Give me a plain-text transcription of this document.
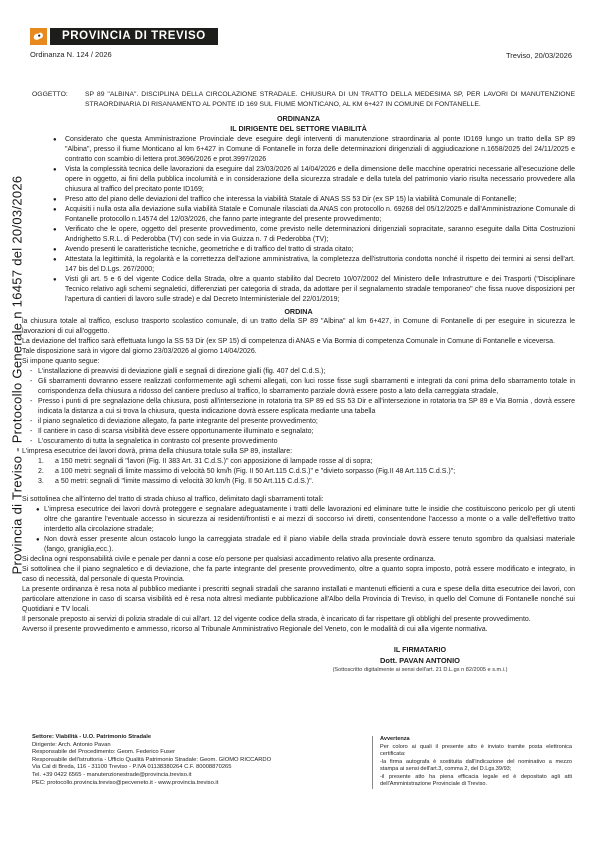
Provincia di Treviso - Protocollo Generale n 16457 del 20/03/2026
PROVINCIA DI TREVISO
Ordinanza N. 124 / 2026	Treviso, 20/03/2026
OGGETTO:	SP 89 "ALBINA". DISCIPLINA DELLA CIRCOLAZIONE STRADALE. CHIUSURA DI UN TRATTO DELLA MEDESIMA SP, PER LAVORI DI MANUTENZIONE STRAORDINARIA DI RISANAMENTO AL PONTE ID 169 SUL FIUME MONTICANO, AL KM 6+427 IN COMUNE DI FONTANELLE.
ORDINANZA
IL DIRIGENTE DEL SETTORE VIABILITÀ
●	Considerato che questa Amministrazione Provinciale deve eseguire degli interventi di manutenzione straordinaria al ponte ID169 lungo un tratto della SP 89 "Albina", presso il fiume Monticano al km 6+427 in Comune di Fontanelle in forza delle determinazioni dirigenziali di aggiudicazione n.1658/2025 del 24/11/2025 e contratto con scambio di lettera prot.3696/2026 e prot.3997/2026
●	Vista la complessità tecnica delle lavorazioni da eseguire dal 23/03/2026 al 14/04/2026 e della dimensione delle macchine operatrici necessarie all'esecuzione delle opere in oggetto, ai fini della pubblica incolumità e in considerazione della sicurezza stradale e della tutela del patrimonio viario risulta necessario provvedere alla chiusura al traffico del precitato ponte ID169;
●	Preso atto del piano delle deviazioni del traffico che interessa la viabilità Statale di ANAS SS 53 Dir (ex SP 15) la viabilità Comunale di Fontanelle;
●	Acquisiti i nulla osta alla deviazione sulla viabilità Statale e Comunale rilasciati da ANAS con protocollo n. 69268 del 05/12/2025 e dall'Amministrazione Comunale di Fontanelle protocollo n.14574 del 12/03/2026, che fanno parte integrante del presente provvedimento;
●	Verificato che le opere, oggetto del presente provvedimento, come previsto nelle determinazioni dirigenziali sopracitate, saranno eseguite dalla Ditta Costruzioni Andrighetto S.R.L. di Pederobba (TV) con sede in via Guizza n. 7 di Pederobba (TV);
●	Avendo presenti le caratteristiche tecniche, geometriche e di traffico del tratto di strada citato;
●	Attestata la legittimità, la regolarità e la correttezza dell'azione amministrativa, la completezza dell'istruttoria condotta nonché il rispetto dei termini ai sensi dell'art. 147 bis del D.Lgs. 267/2000;
●	Visti gli art. 5 e 6 del vigente Codice della Strada, oltre a quanto stabilito dal Decreto 10/07/2002 del Ministero delle Infrastrutture e dei Trasporti ("Disciplinare Tecnico relativo agli schemi segnaletici, differenziati per categoria di strada, da adottare per il segnalamento stradale temporaneo" che fissa nuove disposizioni per l'apertura di cantieri di lavoro sulle strade) e dal Decreto Interministeriale del 22/01/2019;
ORDINA
la chiusura totale al traffico, escluso trasporto scolastico comunale, di un tratto della SP 89 "Albina" al km 6+427, in Comune di Fontanelle di per eseguire in sicurezza le lavorazioni di cui all'oggetto.
La deviazione del traffico sarà effettuata lungo la SS 53 Dir (ex SP 15) di competenza di ANAS e Via Bormia di competenza Comunale in Comune di Fontanelle e viceversa.
Tale disposizione sarà in vigore dal giorno 23/03/2026 al giorno 14/04/2026.
Si impone quanto segue:
- L'installazione di preavvisi di deviazione gialli e segnali di direzione gialli (fig. 407 del C.d.S.);
- Gli sbarramenti dovranno essere realizzati conformemente agli schemi allegati, con luci rosse fisse sugli sbarramenti e integrati da coni prima dello sbarramento totale in corrispondenza della chiusura a ridosso del cantiere precluso al traffico, lo sbarramento parziale dovrà essere posto a lato della carreggiata stradale,
- Presso i punti di pre segnalazione della chiusura, posti all'intersezione in rotatoria tra SP 89 ed SS 53 Dir e all'intersezione in rotatoria tra SP 89 e Via Bornia , dovrà essere indicata la distanza a cui si trova la chiusura, questa indicazione dovrà essere esplicata mediante una tabella
- il piano segnaletico di deviazione allegato, fa parte integrante del presente provvedimento;
- Il cantiere in caso di scarsa visibilità deve essere opportunamente illuminato e segnalato;
- L'oscuramento di tutta la segnaletica in contrasto col presente provvedimento
L'impresa esecutrice dei lavori dovrà, prima della chiusura totale sulla SP 89, installare:
1.	a 150 metri: segnali di "lavori (Fig. II 383 Art. 31 C.d.S.)" con apposizione di lampade rosse al di sopra;
2.	a 100 metri: segnali di limite massimo di velocità 50 km/h (Fig. II 50 Art.115 C.d.S.)" e "divieto sorpasso (Fig.II 48 Art.115 C.d.S.)";
3.	a 50 metri: segnali di "limite massimo di velocità 30 km/h (Fig. II 50 Art.115 C.d.S.)".
Si sottolinea che all'interno del tratto di strada chiuso al traffico, delimitato dagli sbarramenti totali:
● L'impresa esecutrice dei lavori dovrà proteggere e segnalare adeguatamente i tratti delle lavorazioni ed eliminare tutte le insidie che costituiscono pericolo per gli utenti oltre che garantire l'eventuale accesso in sicurezza ai residenti/frontisti e ai mezzi di soccorso ivi diretti, consentendone l'accesso a monte o a valle dell'effettivo tratto interdetto alla circolazione stradale;
● Non dovrà esser presente alcun ostacolo lungo la carreggiata stradale ed il piano viabile della strada provinciale dovrà essere tenuto sgombro da qualsiasi materiale (fango, graniglia,ecc.).
Si declina ogni responsabilità civile e penale per danni a cose e/o persone per qualsiasi accadimento relativo alla presente ordinanza.
Si sottolinea che il piano segnaletico e di deviazione, che fa parte integrante del presente provvedimento, oltre a quanto sopra imposto, potrà essere modificato e integrato, in caso di necessità, dal personale di questa Provincia.
La presente ordinanza è resa nota al pubblico mediante i prescritti segnali stradali che saranno installati e mantenuti efficienti a cura e spese della ditta esecutrice dei lavori, con particolare attenzione in caso di scarsa visibilità ed è resa nota altresì mediante pubblicazione all'Albo della Provincia di Treviso, in quello del Comune di Fontanelle nonché sui Quotidiani e TV locali.
Il personale preposto ai servizi di polizia stradale di cui all'art. 12 del vigente codice della strada, è incaricato di far rispettare gli obblighi del presente provvedimento.
Avverso il presente provvedimento e ammesso, ricorso al Tribunale Amministrativo Regionale del Veneto, con le modalità di cui alla vigente normativa.
IL FIRMATARIO
Dott. PAVAN ANTONIO
(Sottoscritto digitalmente ai sensi dell'art. 21 D.L.gs n 82/2005 e s.m.i.)
Settore: Viabilità - U.O. Patrimonio Stradale
Dirigente: Arch. Antonio Pavan
Responsabile del Procedimento: Geom. Federico Fuser
Responsabile dell'istruttoria - Ufficio Qualità Patrimonio Stradale: Geom. GIOMO RICCARDO
Via Cal di Breda, 116 - 31100 Treviso - P.IVA 01138380264 C.F. 80008870265
Tel. +39 0422 6565 - manutenzionestrade@provincia.treviso.it
PEC: protocollo.provincia.treviso@pecveneto.it - www.provincia.treviso.it
Avvertenza
Per coloro ai quali il presente atto è inviato tramite posta elettronica certificata:
-la firma autografa è sostituita dall'indicazione del nominativo a mezzo stampa ai sensi dell'art.3, comma 2, del D.Lgs.39/93;
-il presente atto ha piena efficacia legale ed è depositato agli atti dell'Amministrazione Provinciale di Treviso.
